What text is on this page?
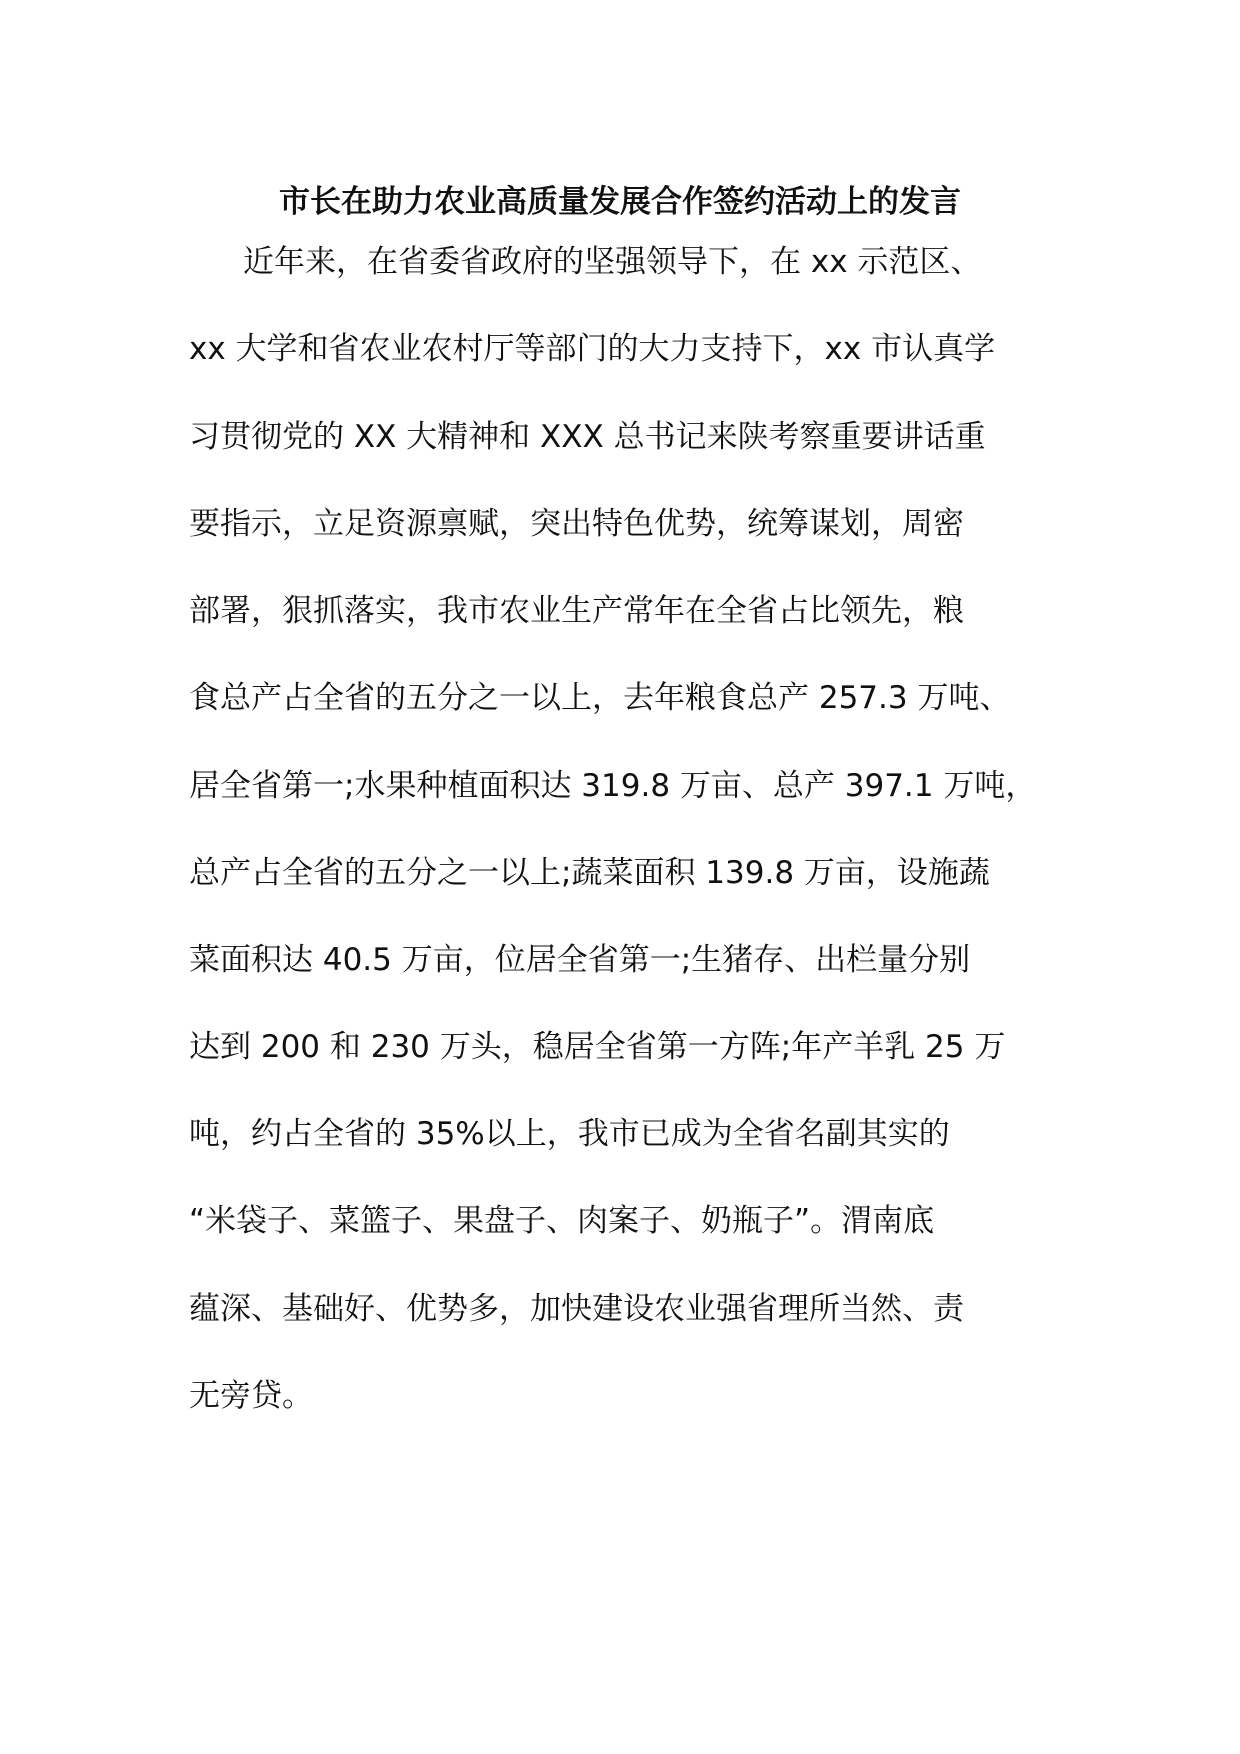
市长在助力农业高质量发展合作签约活动上的发言
近年来，在省委省政府的坚强领导下，在 xx 示范区、
xx 大学和省农业农村厅等部门的大力支持下，xx 市认真学
习贯彻党的 XX 大精神和 XXX 总书记来陕考察重要讲话重
要指示，立足资源禀赋，突出特色优势，统筹谋划，周密
部署，狠抓落实，我市农业生产常年在全省占比领先，粮
食总产占全省的五分之一以上，去年粮食总产 257.3 万吨、
居全省第一;水果种植面积达 319.8 万亩、总产 397.1 万吨，
总产占全省的五分之一以上;蔬菜面积 139.8 万亩，设施蔬
菜面积达 40.5 万亩，位居全省第一;生猪存、出栏量分别
达到 200 和 230 万头，稳居全省第一方阵;年产羊乳 25 万
吨，约占全省的 35%以上，我市已成为全省名副其实的
“米袋子、菜篮子、果盘子、肉案子、奶瓶子”。渭南底
蕴深、基础好、优势多，加快建设农业强省理所当然、责
无旁贷。
